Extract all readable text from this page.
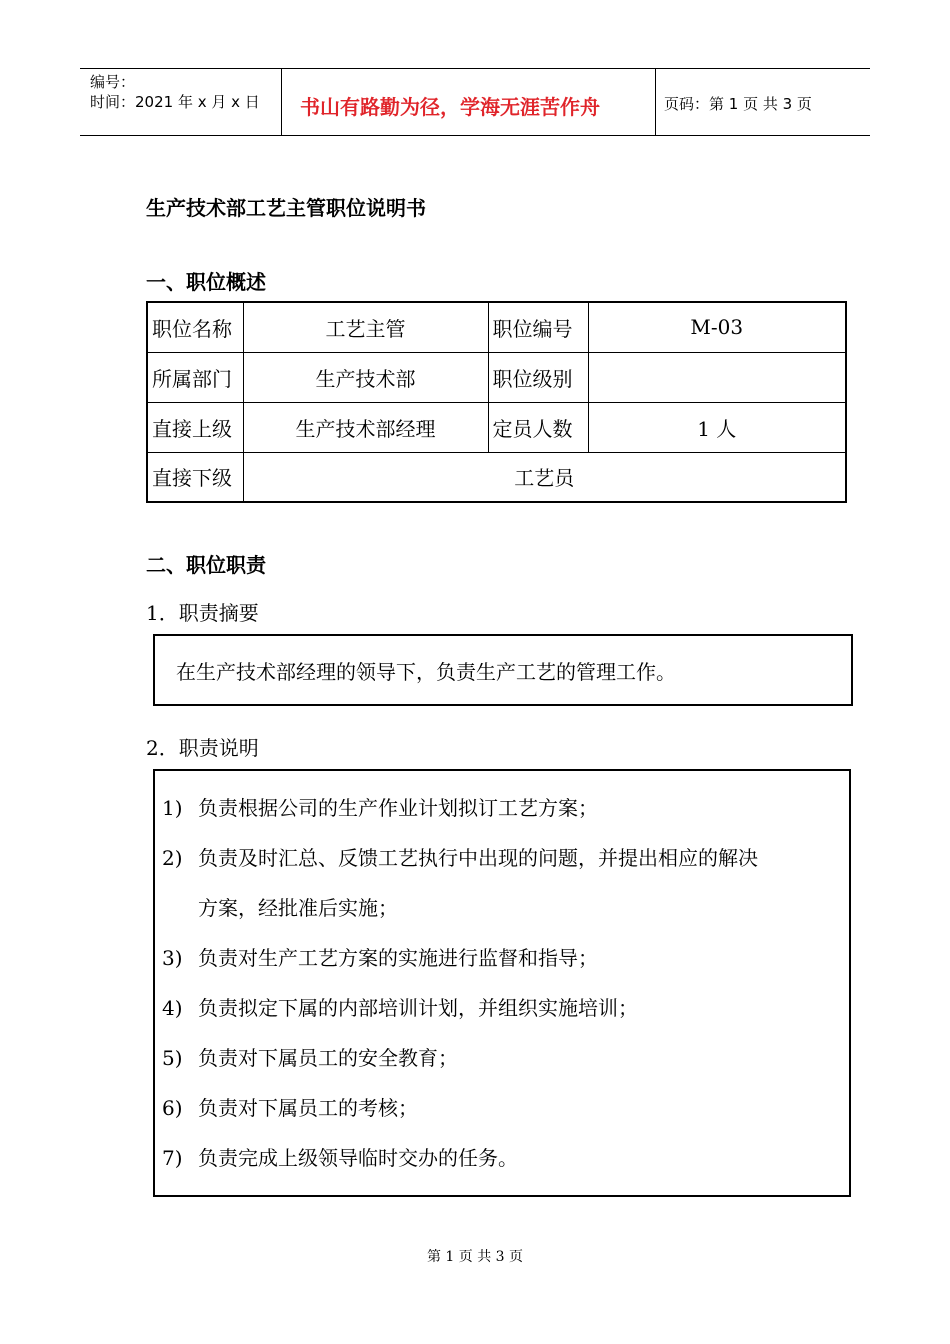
编号：
时间：2021 年 x 月 x 日 书山有路勤为径，学海无涯苦作舟	页码：第 1 页 共 3 页
生产技术部工艺主管职位说明书
一、职位概述
职位名称	工艺主管	职位编号	M-03
所属部门	生产技术部	职位级别	
直接上级	生产技术部经理	定员人数	1 人
直接下级	工艺员		
二、职位职责
1．职责摘要
在生产技术部经理的领导下，负责生产工艺的管理工作。
2．职责说明
1) 负责根据公司的生产作业计划拟订工艺方案；
2) 负责及时汇总、反馈工艺执行中出现的问题，并提出相应的解决
方案，经批准后实施；
3) 负责对生产工艺方案的实施进行监督和指导；
4) 负责拟定下属的内部培训计划，并组织实施培训；
5) 负责对下属员工的安全教育；
6) 负责对下属员工的考核；
7) 负责完成上级领导临时交办的任务。
第 1 页 共 3 页
